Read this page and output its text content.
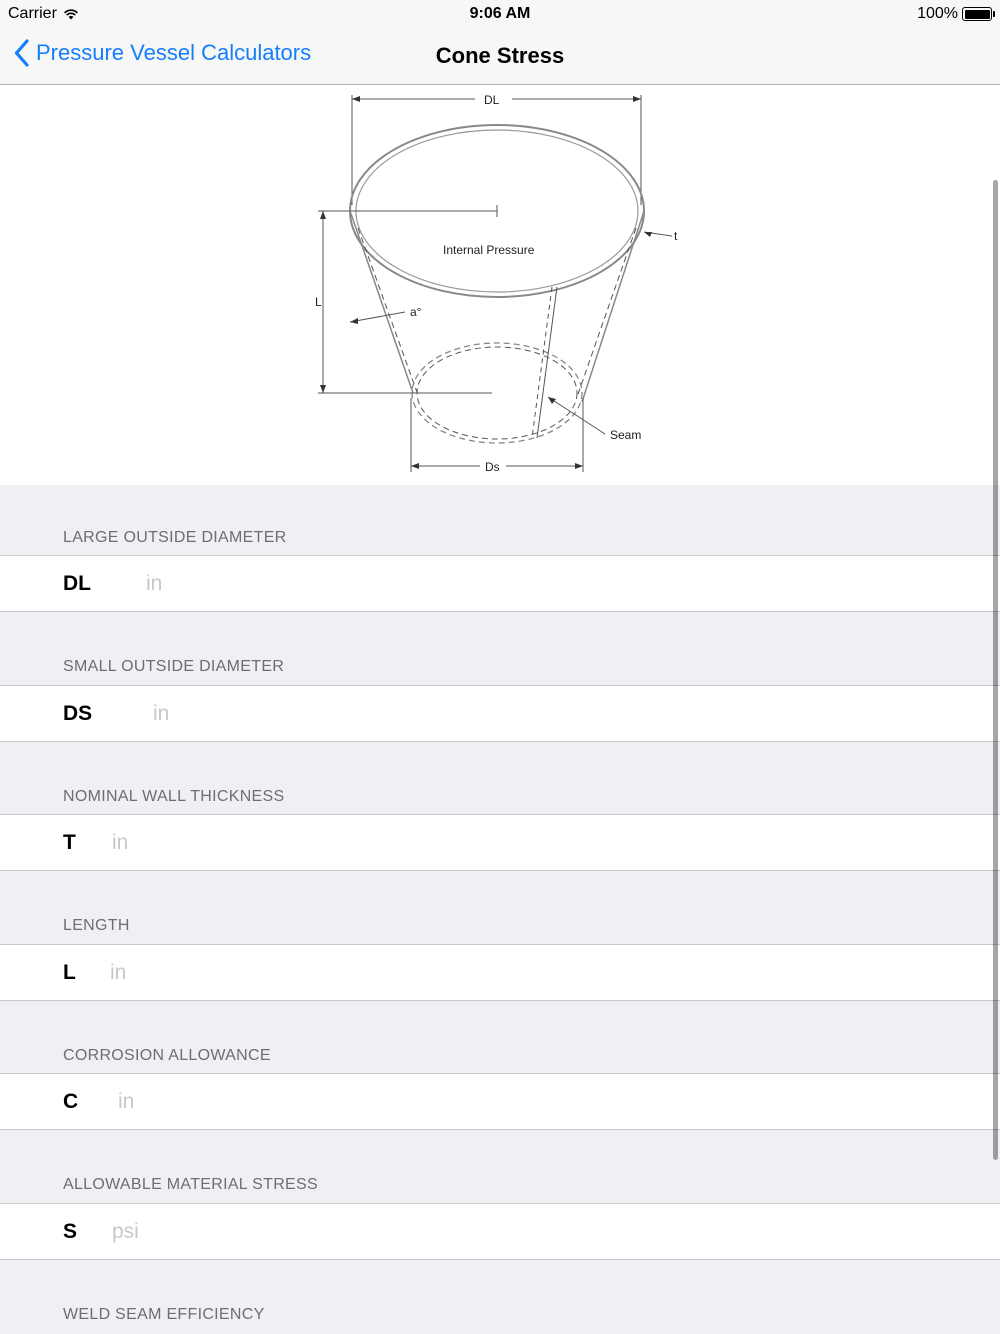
Carrier	9:06 AM	100%
Pressure Vessel Calculators	Cone Stress
DL
Ds
L
t
a°
Internal Pressure
Seam
LARGE OUTSIDE DIAMETER
DL
in
SMALL OUTSIDE DIAMETER
DS
in
NOMINAL WALL THICKNESS
T
in
LENGTH
L
in
CORROSION ALLOWANCE
C
in
ALLOWABLE MATERIAL STRESS
S
psi
WELD SEAM EFFICIENCY
